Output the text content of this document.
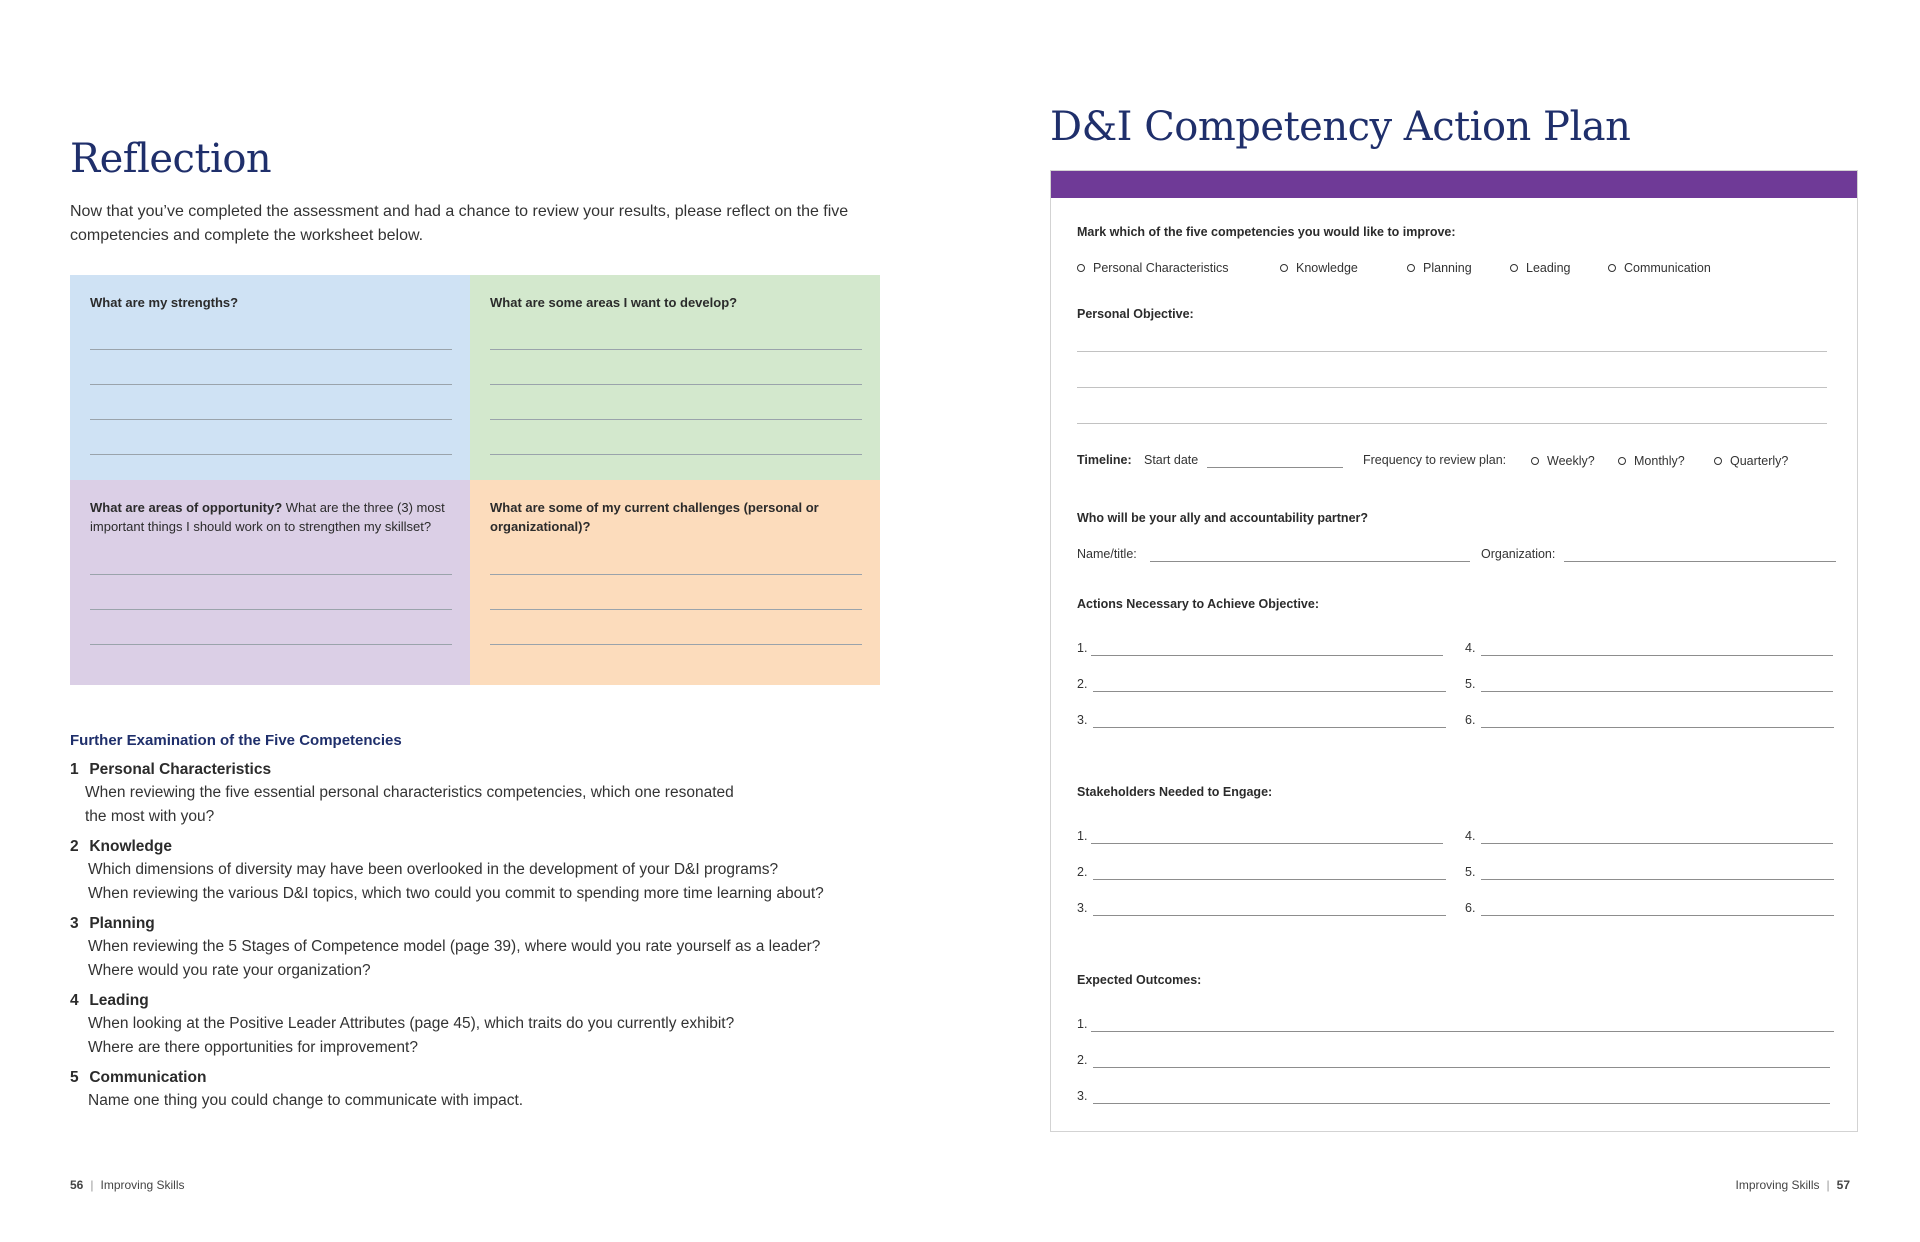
Reflection

Now that you’ve completed the assessment and had a chance to review your results, please reflect on the five competencies and complete the worksheet below.

What are my strengths?	What are some areas I want to develop?

What are areas of opportunity? What are the three (3) most important things I should work on to strengthen my skillset?

What are some of my current challenges (personal or organizational)?

Further Examination of the Five Competencies

1 Personal Characteristics

When reviewing the five essential personal characteristics competencies, which one resonated

the most with you?

2 Knowledge

Which dimensions of diversity may have been overlooked in the development of your D&I programs?

When reviewing the various D&I topics, which two could you commit to spending more time learning about?

3 Planning

When reviewing the 5 Stages of Competence model (page 39), where would you rate yourself as a leader?

Where would you rate your organization?

4 Leading

When looking at the Positive Leader Attributes (page 45), which traits do you currently exhibit?

Where are there opportunities for improvement?

5 Communication

Name one thing you could change to communicate with impact.

56 | Improving Skills
D&I Competency Action Plan

Mark which of the five competencies you would like to improve:

Personal Characteristics	Knowledge	Planning	Leading	Communication

Personal Objective:

Timeline: Start date	Frequency to review plan:	Weekly?	Monthly?	Quarterly?

Who will be your ally and accountability partner?

Name/title:	Organization:

Actions Necessary to Achieve Objective:

1.	4.
2.	5.
3.	6.

Stakeholders Needed to Engage:

1.	4.
2.	5.
3.	6.

Expected Outcomes:

1.
2.
3.
Improving Skills | 57
